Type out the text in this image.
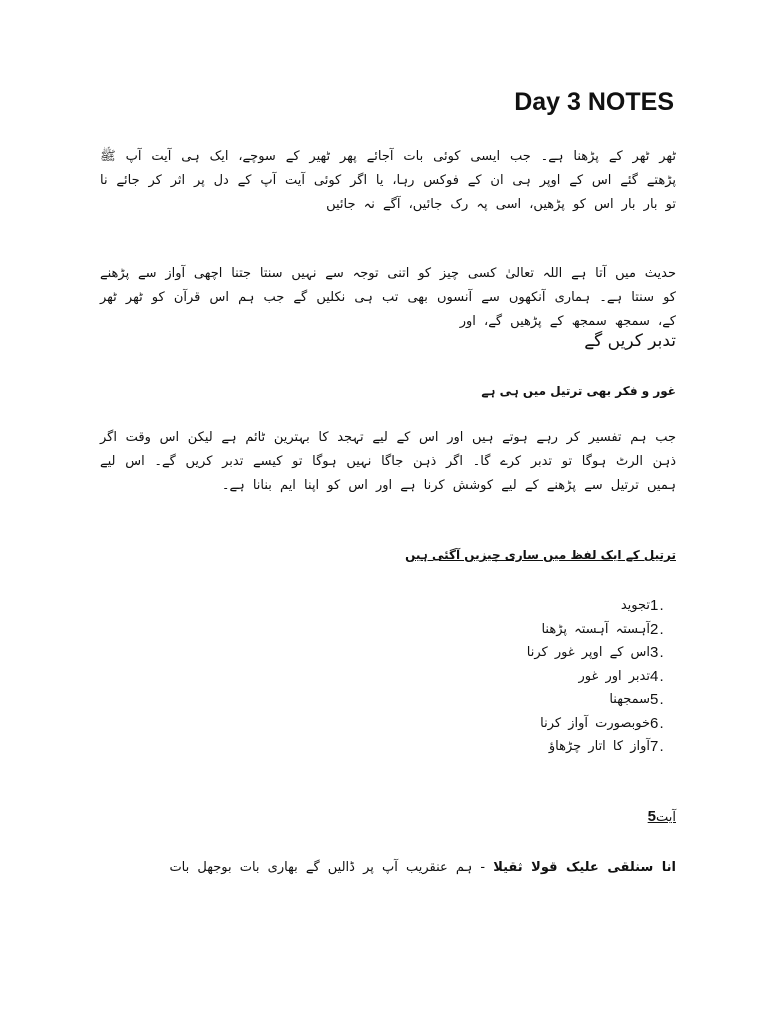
Day 3 NOTES
ٹھر ٹھر کے پڑھنا ہے۔ جب ایسی کوئی بات آجائے پھر ٹھیر کے سوچے، ایک ہی آیت آپ ﷺ پڑھتے گئے اس کے اوپر ہی ان کے فوکس رہا، یا اگر کوئی آیت آپ کے دل پر اثر کر جائے نا تو بار بار اس کو پڑھیں، اسی پہ رک جائیں، آگے نہ جائیں
حدیث میں آتا ہے اللہ تعالیٰ کسی چیز کو اتنی توجہ سے نہیں سنتا جتنا اچھی آواز سے پڑھنے کو سنتا ہے۔ ہماری آنکھوں سے آنسوں بھی تب ہی نکلیں گے جب ہم اس قرآن کو ٹھر ٹھر کے، سمجھ سمجھ کے پڑھیں گے، اور
تدبر کریں گے
غور و فکر بھی ترتیل میں ہی ہے
جب ہم تفسیر کر رہے ہوتے ہیں اور اس کے لیے تہجد کا بہترین ٹائم ہے لیکن اس وقت اگر ذہن الرٹ ہوگا تو تدبر کرے گا۔ اگر ذہن جاگا نہیں ہوگا تو کیسے تدبر کریں گے۔ اس لیے ہمیں ترتیل سے پڑھنے کے لیے کوشش کرنا ہے اور اس کو اپنا ایم بنانا ہے۔
ترتیل کے ایک لفظ میں ساری چیزیں آگئی ہیں
1.
تجوید
2.
آہستہ آہستہ پڑھنا
3.
اس کے اوپر غور کرنا
4.
تدبر اور غور
5.
سمجھنا
6.
خوبصورت آواز کرنا
7.
آواز کا اتار چڑھاؤ
آیت5
انا سنلقی علیک قولا ثقیلا - ہم عنقریب آپ پر ڈالیں گے بھاری بات بوجھل بات
